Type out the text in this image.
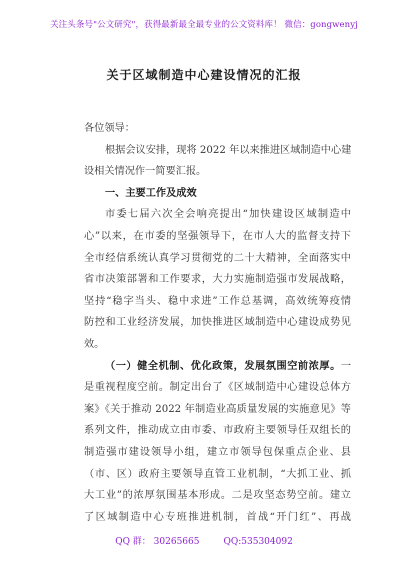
关注头条号"公文研究"，获得最新最全最专业的公文资料库！ 微信：gongwenyj
关于区域制造中心建设情况的汇报
各位领导：
根据会议安排，现将 2022 年以来推进区域制造中心建
设相关情况作一简要汇报。
一、主要工作及成效
市委七届六次全会响亮提出“加快建设区域制造中
心”以来，在市委的坚强领导下，在市人大的监督支持下
全市经信系统认真学习贯彻党的二十大精神，全面落实中
省市决策部署和工作要求，大力实施制造强市发展战略，
坚持“稳字当头、稳中求进”工作总基调，高效统筹疫情
防控和工业经济发展，加快推进区域制造中心建设成势见
效。
（一）健全机制、优化政策，发展氛围空前浓厚。一
是重视程度空前。制定出台了《区域制造中心建设总体方
案》《关于推动 2022 年制造业高质量发展的实施意见》等
系列文件，推动成立由市委、市政府主要领导任双组长的
制造强市建设领导小组，建立市领导包保重点企业、县
（市、区）政府主要领导直管工业机制，“大抓工业、抓
大工业”的浓厚氛围基本形成。二是攻坚态势空前。建立
了区域制造中心专班推进机制，首战“开门红”、再战
QQ 群： 30265665	QQ:535304092
